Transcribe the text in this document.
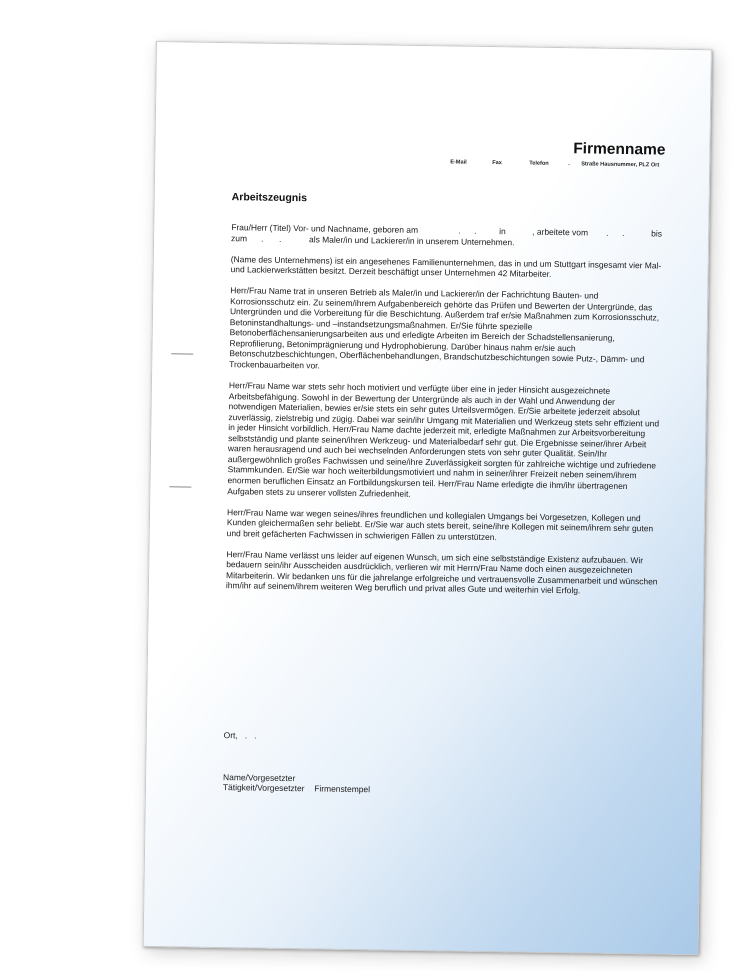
Firmenname
E-Mail	Fax	Telefon	. Straße Hausnummer, PLZ Ort
Arbeitszeugnis
Frau/Herr (Titel) Vor- und Nachname, geboren am	. .	in	, arbeitete vom . .	bis
zum . .	als Maler/in und Lackierer/in in unserem Unternehmen.

(Name des Unternehmens) ist ein angesehenes Familienunternehmen, das in und um Stuttgart insgesamt vier Mal- und Lackierwerkstätten besitzt. Derzeit beschäftigt unser Unternehmen 42 Mitarbeiter.

Herr/Frau Name trat in unseren Betrieb als Maler/in und Lackierer/in der Fachrichtung Bauten- und Korrosionsschutz ein. Zu seinem/ihrem Aufgabenbereich gehörte das Prüfen und Bewerten der Untergründe, das Untergründen und die Vorbereitung für die Beschichtung. Außerdem traf er/sie Maßnahmen zum Korrosionsschutz, Betoninstandhaltungs- und –instandsetzungsmaßnahmen. Er/Sie führte spezielle Betonoberflächensanierungsarbeiten aus und erledigte Arbeiten im Bereich der Schadstellensanierung, Reprofilierung, Betonimprägnierung und Hydrophobierung. Darüber hinaus nahm er/sie auch Betonschutzbeschichtungen, Oberflächenbehandlungen, Brandschutzbeschichtungen sowie Putz-, Dämm- und Trockenbauarbeiten vor.

Herr/Frau Name war stets sehr hoch motiviert und verfügte über eine in jeder Hinsicht ausgezeichnete Arbeitsbefähigung. Sowohl in der Bewertung der Untergründe als auch in der Wahl und Anwendung der notwendigen Materialien, bewies er/sie stets ein sehr gutes Urteilsvermögen. Er/Sie arbeitete jederzeit absolut zuverlässig, zielstrebig und zügig. Dabei war sein/ihr Umgang mit Materialien und Werkzeug stets sehr effizient und in jeder Hinsicht vorbildlich. Herr/Frau Name dachte jederzeit mit, erledigte Maßnahmen zur Arbeitsvorbereitung selbstständig und plante seinen/ihren Werkzeug- und Materialbedarf sehr gut. Die Ergebnisse seiner/ihrer Arbeit waren herausragend und auch bei wechselnden Anforderungen stets von sehr guter Qualität. Sein/Ihr außergewöhnlich großes Fachwissen und seine/ihre Zuverlässigkeit sorgten für zahlreiche wichtige und zufriedene Stammkunden. Er/Sie war hoch weiterbildungsmotiviert und nahm in seiner/ihrer Freizeit neben seinem/ihrem enormen beruflichen Einsatz an Fortbildungskursen teil. Herr/Frau Name erledigte die ihm/ihr übertragenen Aufgaben stets zu unserer vollsten Zufriedenheit.

Herr/Frau Name war wegen seines/ihres freundlichen und kollegialen Umgangs bei Vorgesetzen, Kollegen und Kunden gleichermaßen sehr beliebt. Er/Sie war auch stets bereit, seine/ihre Kollegen mit seinem/ihrem sehr guten und breit gefächerten Fachwissen in schwierigen Fällen zu unterstützen.

Herr/Frau Name verlässt uns leider auf eigenen Wunsch, um sich eine selbstständige Existenz aufzubauen. Wir bedauern sein/ihr Ausscheiden ausdrücklich, verlieren wir mit Herrn/Frau Name doch einen ausgezeichneten Mitarbeiterin. Wir bedanken uns für die jahrelange erfolgreiche und vertrauensvolle Zusammenarbeit und wünschen ihm/ihr auf seinem/ihrem weiteren Weg beruflich und privat alles Gute und weiterhin viel Erfolg.

Ort,   .   .
Name/Vorgesetzter
Tätigkeit/Vorgesetzter Firmenstempel
